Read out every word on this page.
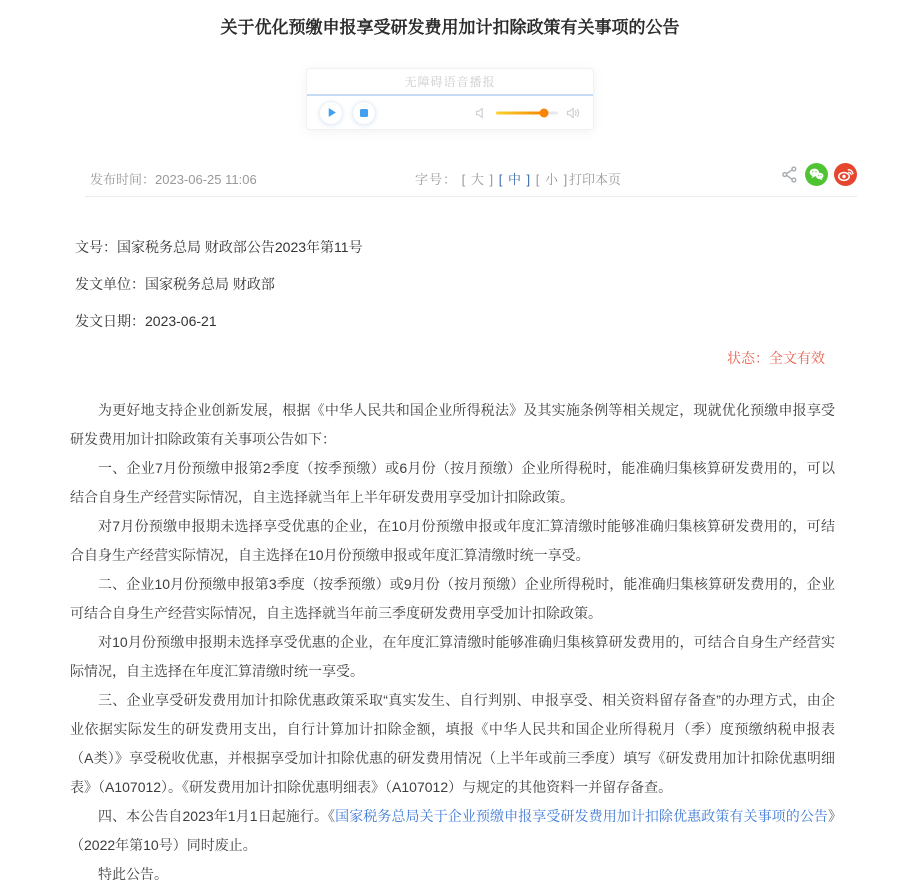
关于优化预缴申报享受研发费用加计扣除政策有关事项的公告
无障碍语音播报
发布时间：2023-06-25 11:06	字号： [ 大 ] [ 中 ] [ 小 ] 打印本页

文号：国家税务总局 财政部公告2023年第11号

发文单位：国家税务总局 财政部

发文日期：2023-06-21

状态：全文有效

为更好地支持企业创新发展，根据《中华人民共和国企业所得税法》及其实施条例等相关规定，现就优化预缴申报享受研发费用加计扣除政策有关事项公告如下：

一、企业7月份预缴申报第2季度（按季预缴）或6月份（按月预缴）企业所得税时，能准确归集核算研发费用的，可以结合自身生产经营实际情况，自主选择就当年上半年研发费用享受加计扣除政策。

对7月份预缴申报期未选择享受优惠的企业，在10月份预缴申报或年度汇算清缴时能够准确归集核算研发费用的，可结合自身生产经营实际情况，自主选择在10月份预缴申报或年度汇算清缴时统一享受。

二、企业10月份预缴申报第3季度（按季预缴）或9月份（按月预缴）企业所得税时，能准确归集核算研发费用的，企业可结合自身生产经营实际情况，自主选择就当年前三季度研发费用享受加计扣除政策。

对10月份预缴申报期未选择享受优惠的企业，在年度汇算清缴时能够准确归集核算研发费用的，可结合自身生产经营实际情况，自主选择在年度汇算清缴时统一享受。

三、企业享受研发费用加计扣除优惠政策采取“真实发生、自行判别、申报享受、相关资料留存备查”的办理方式，由企业依据实际发生的研发费用支出，自行计算加计扣除金额，填报《中华人民共和国企业所得税月（季）度预缴纳税申报表（A类）》享受税收优惠，并根据享受加计扣除优惠的研发费用情况（上半年或前三季度）填写《研发费用加计扣除优惠明细表》（A107012）。《研发费用加计扣除优惠明细表》（A107012）与规定的其他资料一并留存备查。

四、本公告自2023年1月1日起施行。《国家税务总局关于企业预缴申报享受研发费用加计扣除优惠政策有关事项的公告》（2022年第10号）同时废止。

特此公告。
